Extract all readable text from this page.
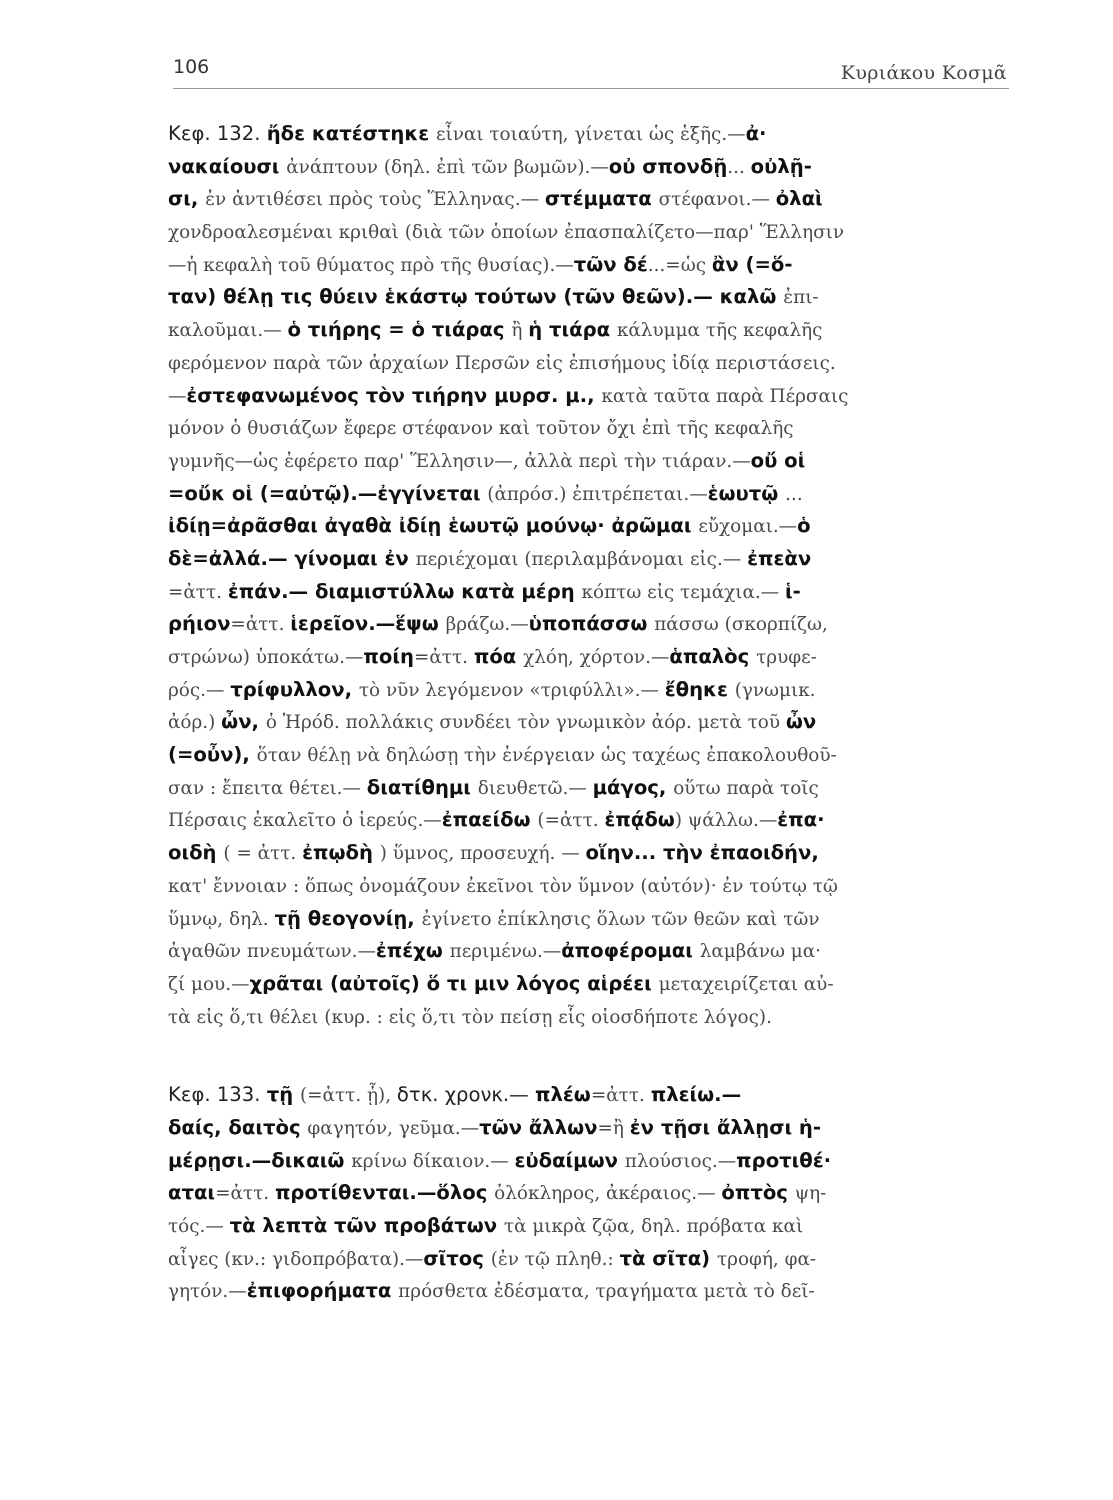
106	Κυριάκου Κοσμᾶ
Κεφ. 132. ἤδε κατέστηκε εἶναι τοιαύτη, γίνεται ὡς ἑξῆς.—ἀ·
νακαίουσι ἀνάπτουν (δηλ. ἐπὶ τῶν βωμῶν).—οὐ σπονδῇ... οὐλῇ-
σι, ἐν ἀντιθέσει πρὸς τοὺς Ἕλληνας.— στέμματα στέφανοι.— ὀλαὶ
χονδροαλεσμέναι κριθαὶ (διὰ τῶν ὁποίων ἐπασπαλίζετο—παρ' Ἕλλησιν
—ἡ κεφαλὴ τοῦ θύματος πρὸ τῆς θυσίας).—τῶν δέ...=ὡς ἂν (=ὅ-
ταν) θέλῃ τις θύειν ἑκάστῳ τούτων (τῶν θεῶν).— καλῶ ἐπι-
καλοῦμαι.— ὁ τιήρης = ὁ τιάρας ἢ ἡ τιάρα κάλυμμα τῆς κεφαλῆς
φερόμενον παρὰ τῶν ἀρχαίων Περσῶν εἰς ἐπισήμους ἰδίᾳ περιστάσεις.
—ἐστεφανωμένος τὸν τιήρην μυρσ. μ., κατὰ ταῦτα παρὰ Πέρσαις
μόνον ὁ θυσιάζων ἔφερε στέφανον καὶ τοῦτον ὄχι ἐπὶ τῆς κεφαλῆς
γυμνῆς—ὡς ἐφέρετο παρ' Ἕλλησιν—, ἀλλὰ περὶ τὴν τιάραν.—οὔ οἱ
=οὔκ οἱ (=αὐτῷ).—ἐγγίνεται (ἀπρόσ.) ἐπιτρέπεται.—ἑωυτῷ ...
ἰδίῃ=ἀρᾶσθαι ἀγαθὰ ἰδίῃ ἑωυτῷ μούνῳ· ἀρῶμαι εὔχομαι.—ὁ
δὲ=ἀλλά.— γίνομαι ἐν περιέχομαι (περιλαμβάνομαι εἰς.— ἐπεὰν
=ἀττ. ἐπάν.— διαμιστύλλω κατὰ μέρη κόπτω εἰς τεμάχια.— ἱ-
ρήιον=ἀττ. ἱερεῖον.—ἕψω βράζω.—ὑποπάσσω πάσσω (σκορπίζω,
στρώνω) ὑποκάτω.—ποίη=ἀττ. πόα χλόη, χόρτον.—ἁπαλὸς τρυφε-
ρός.— τρίφυλλον, τὸ νῦν λεγόμενον «τριφύλλι».— ἔθηκε (γνωμικ.
ἀόρ.) ὦν, ὁ Ἡρόδ. πολλάκις συνδέει τὸν γνωμικὸν ἀόρ. μετὰ τοῦ ὦν
(=οὖν), ὅταν θέλῃ νὰ δηλώσῃ τὴν ἐνέργειαν ὡς ταχέως ἐπακολουθοῦ-
σαν : ἔπειτα θέτει.— διατίθημι διευθετῶ.— μάγος, οὕτω παρὰ τοῖς
Πέρσαις ἐκαλεῖτο ὁ ἱερεύς.—ἐπαείδω (=ἀττ. ἐπᾴδω) ψάλλω.—ἐπα·
οιδὴ ( = ἀττ. ἐπῳδὴ ) ὕμνος, προσευχή. — οἵην... τὴν ἐπαοιδήν,
κατ' ἔννοιαν : ὅπως ὀνομάζουν ἐκεῖνοι τὸν ὕμνον (αὐτόν)· ἐν τούτῳ τῷ
ὕμνῳ, δηλ. τῇ θεογονίῃ, ἐγίνετο ἐπίκλησις ὅλων τῶν θεῶν καὶ τῶν
ἀγαθῶν πνευμάτων.—ἐπέχω περιμένω.—ἀποφέρομαι λαμβάνω μα·
ζί μου.—χρᾶται (αὐτοῖς) ὅ τι μιν λόγος αἱρέει μεταχειρίζεται αὐ-
τὰ εἰς ὅ,τι θέλει (κυρ. : εἰς ὅ,τι τὸν πείσῃ εἷς οἱοσδήποτε λόγος).
Κεφ. 133. τῇ (=ἀττ. ᾗ), δτκ. χρονκ.— πλέω=ἀττ. πλείω.—
δαίς, δαιτὸς φαγητόν, γεῦμα.—τῶν ἄλλων=ἢ ἐν τῇσι ἄλλῃσι ἡ-
μέρῃσι.—δικαιῶ κρίνω δίκαιον.— εὐδαίμων πλούσιος.—προτιθέ·
αται=ἀττ. προτίθενται.—ὅλος ὁλόκληρος, ἀκέραιος.— ὀπτὸς ψη-
τός.— τὰ λεπτὰ τῶν προβάτων τὰ μικρὰ ζῷα, δηλ. πρόβατα καὶ
αἶγες (κν.: γιδοπρόβατα).—σῖτος (ἐν τῷ πληθ.: τὰ σῖτα) τροφή, φα-
γητόν.—ἐπιφορήματα πρόσθετα ἐδέσματα, τραγήματα μετὰ τὸ δεῖ-
